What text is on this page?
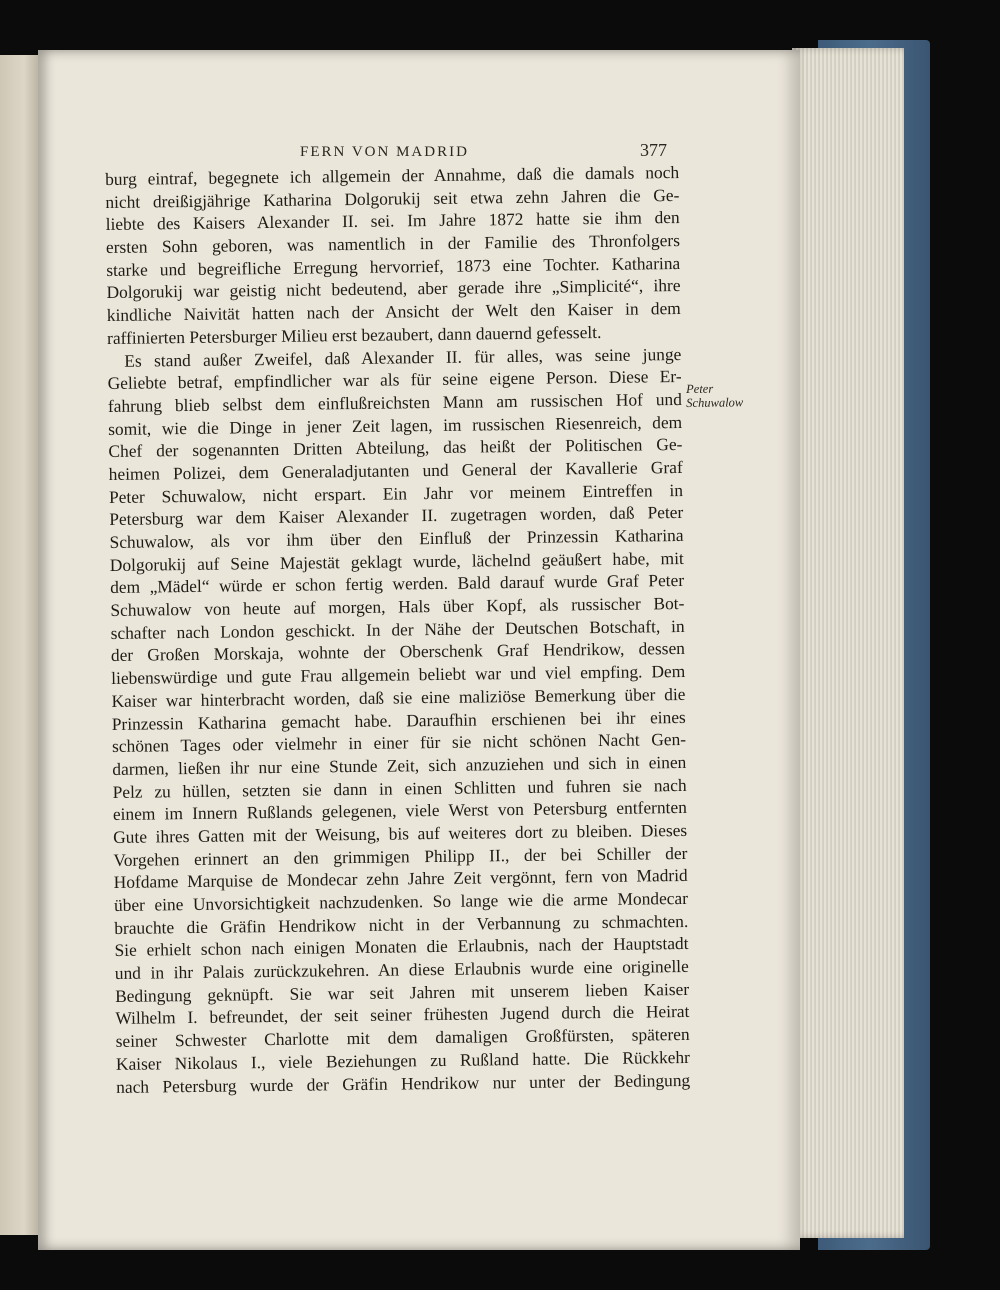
FERN VON MADRID	377
burg eintraf, begegnete ich allgemein der Annahme, daß die damals noch
nicht dreißigjährige Katharina Dolgorukij seit etwa zehn Jahren die Ge-
liebte des Kaisers Alexander II. sei. Im Jahre 1872 hatte sie ihm den
ersten Sohn geboren, was namentlich in der Familie des Thronfolgers
starke und begreifliche Erregung hervorrief, 1873 eine Tochter. Katharina
Dolgorukij war geistig nicht bedeutend, aber gerade ihre „Simplicité“, ihre
kindliche Naivität hatten nach der Ansicht der Welt den Kaiser in dem
raffinierten Petersburger Milieu erst bezaubert, dann dauernd gefesselt.
Es stand außer Zweifel, daß Alexander II. für alles, was seine junge
Geliebte betraf, empfindlicher war als für seine eigene Person. Diese Er-
fahrung blieb selbst dem einflußreichsten Mann am russischen Hof und
somit, wie die Dinge in jener Zeit lagen, im russischen Riesenreich, dem
Chef der sogenannten Dritten Abteilung, das heißt der Politischen Ge-
heimen Polizei, dem Generaladjutanten und General der Kavallerie Graf
Peter Schuwalow, nicht erspart. Ein Jahr vor meinem Eintreffen in
Petersburg war dem Kaiser Alexander II. zugetragen worden, daß Peter
Schuwalow, als vor ihm über den Einfluß der Prinzessin Katharina
Dolgorukij auf Seine Majestät geklagt wurde, lächelnd geäußert habe, mit
dem „Mädel“ würde er schon fertig werden. Bald darauf wurde Graf Peter
Schuwalow von heute auf morgen, Hals über Kopf, als russischer Bot-
schafter nach London geschickt. In der Nähe der Deutschen Botschaft, in
der Großen Morskaja, wohnte der Oberschenk Graf Hendrikow, dessen
liebenswürdige und gute Frau allgemein beliebt war und viel empfing. Dem
Kaiser war hinterbracht worden, daß sie eine maliziöse Bemerkung über die
Prinzessin Katharina gemacht habe. Daraufhin erschienen bei ihr eines
schönen Tages oder vielmehr in einer für sie nicht schönen Nacht Gen-
darmen, ließen ihr nur eine Stunde Zeit, sich anzuziehen und sich in einen
Pelz zu hüllen, setzten sie dann in einen Schlitten und fuhren sie nach
einem im Innern Rußlands gelegenen, viele Werst von Petersburg entfernten
Gute ihres Gatten mit der Weisung, bis auf weiteres dort zu bleiben. Dieses
Vorgehen erinnert an den grimmigen Philipp II., der bei Schiller der
Hofdame Marquise de Mondecar zehn Jahre Zeit vergönnt, fern von Madrid
über eine Unvorsichtigkeit nachzudenken. So lange wie die arme Mondecar
brauchte die Gräfin Hendrikow nicht in der Verbannung zu schmachten.
Sie erhielt schon nach einigen Monaten die Erlaubnis, nach der Hauptstadt
und in ihr Palais zurückzukehren. An diese Erlaubnis wurde eine originelle
Bedingung geknüpft. Sie war seit Jahren mit unserem lieben Kaiser
Wilhelm I. befreundet, der seit seiner frühesten Jugend durch die Heirat
seiner Schwester Charlotte mit dem damaligen Großfürsten, späteren
Kaiser Nikolaus I., viele Beziehungen zu Rußland hatte. Die Rückkehr
nach Petersburg wurde der Gräfin Hendrikow nur unter der Bedingung
Peter
Schuwalow
